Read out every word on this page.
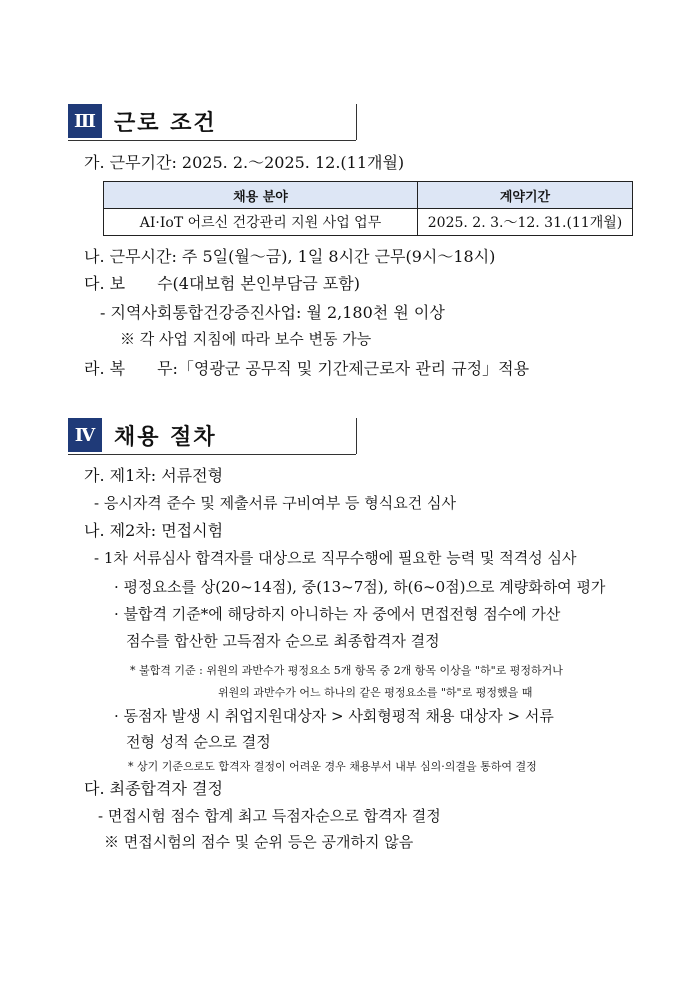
Ⅲ 근로 조건
가. 근무기간: 2025. 2.～2025. 12.(11개월)
채용 분야	계약기간
AI·IoT 어르신 건강관리 지원 사업 업무	2025. 2. 3.～12. 31.(11개월)
나. 근무시간: 주 5일(월～금), 1일 8시간 근무(9시～18시)
다. 보　　수(4대보험 본인부담금 포함)
- 지역사회통합건강증진사업: 월 2,180천 원 이상
※ 각 사업 지침에 따라 보수 변동 가능
라. 복　　무:「영광군 공무직 및 기간제근로자 관리 규정」적용
Ⅳ 채용 절차
가. 제1차: 서류전형
- 응시자격 준수 및 제출서류 구비여부 등 형식요건 심사
나. 제2차: 면접시험
- 1차 서류심사 합격자를 대상으로 직무수행에 필요한 능력 및 적격성 심사
· 평정요소를 상(20~14점), 중(13~7점), 하(6~0점)으로 계량화하여 평가
· 불합격 기준*에 해당하지 아니하는 자 중에서 면접전형 점수에 가산
점수를 합산한 고득점자 순으로 최종합격자 결정
* 불합격 기준 : 위원의 과반수가 평정요소 5개 항목 중 2개 항목 이상을 "하"로 평정하거나
위원의 과반수가 어느 하나의 같은 평정요소를 "하"로 평정했을 때
· 동점자 발생 시 취업지원대상자 > 사회형평적 채용 대상자 > 서류
전형 성적 순으로 결정
* 상기 기준으로도 합격자 결정이 어려운 경우 채용부서 내부 심의·의결을 통하여 결정
다. 최종합격자 결정
- 면접시험 점수 합계 최고 득점자순으로 합격자 결정
※ 면접시험의 점수 및 순위 등은 공개하지 않음
